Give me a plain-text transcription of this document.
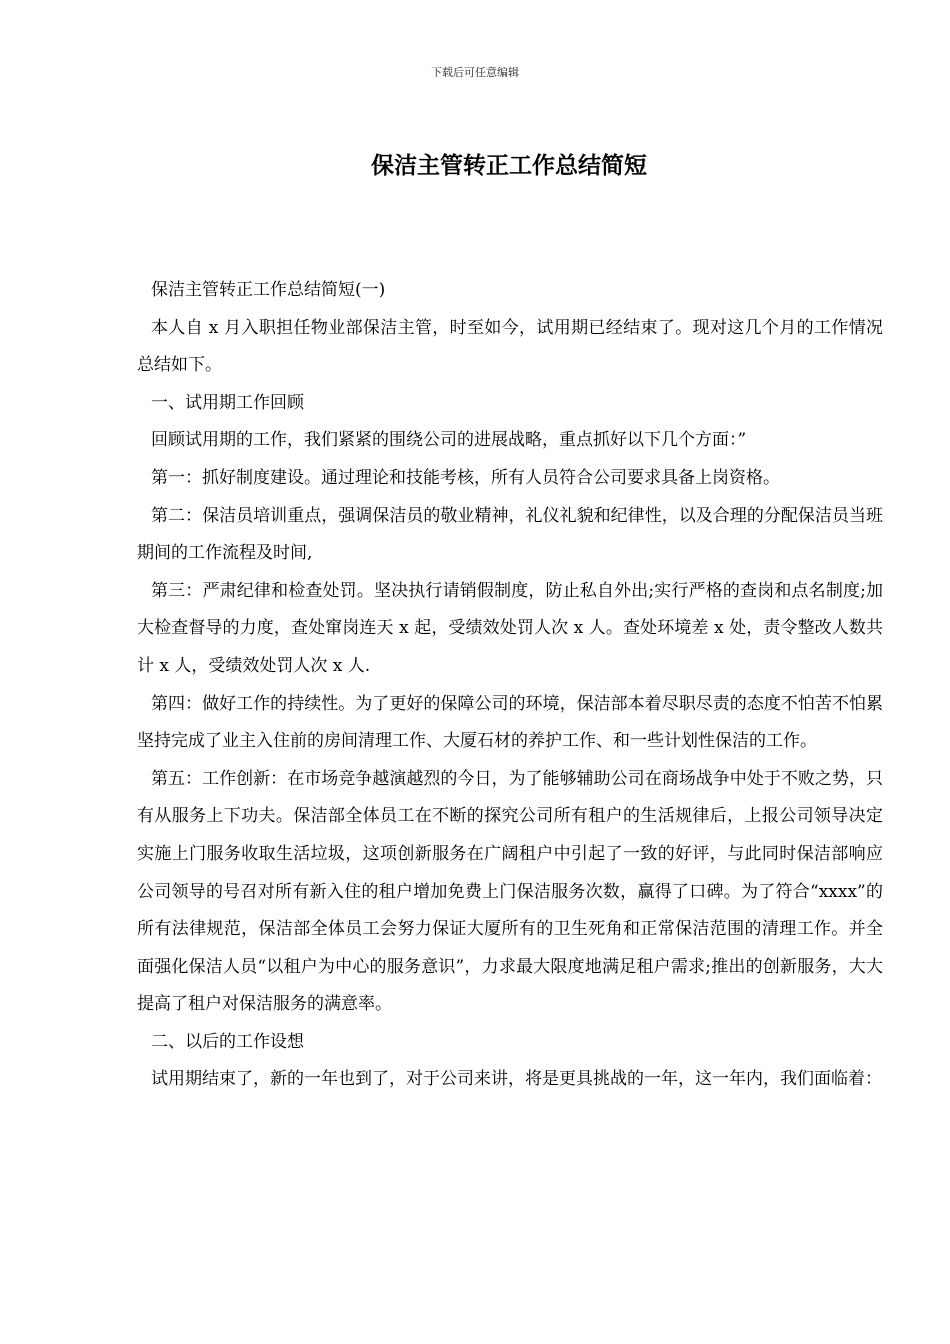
下载后可任意编辑
保洁主管转正工作总结简短

保洁主管转正工作总结简短(一)

本人自 x 月入职担任物业部保洁主管，时至如今，试用期已经结束了。现对这几个月的工作情况总结如下。

一、试用期工作回顾

回顾试用期的工作，我们紧紧的围绕公司的进展战略，重点抓好以下几个方面：”

第一：抓好制度建设。通过理论和技能考核，所有人员符合公司要求具备上岗资格。

第二：保洁员培训重点，强调保洁员的敬业精神，礼仪礼貌和纪律性，以及合理的分配保洁员当班期间的工作流程及时间,

第三：严肃纪律和检查处罚。坚决执行请销假制度，防止私自外出;实行严格的查岗和点名制度;加大检查督导的力度，查处窜岗连天 x 起，受绩效处罚人次 x 人。查处环境差 x 处，责令整改人数共计 x 人，受绩效处罚人次 x 人.

第四：做好工作的持续性。为了更好的保障公司的环境，保洁部本着尽职尽责的态度不怕苦不怕累坚持完成了业主入住前的房间清理工作、大厦石材的养护工作、和一些计划性保洁的工作。

第五：工作创新：在市场竞争越演越烈的今日，为了能够辅助公司在商场战争中处于不败之势，只有从服务上下功夫。保洁部全体员工在不断的探究公司所有租户的生活规律后，上报公司领导决定实施上门服务收取生活垃圾，这项创新服务在广阔租户中引起了一致的好评，与此同时保洁部响应公司领导的号召对所有新入住的租户增加免费上门保洁服务次数，赢得了口碑。为了符合“xxxx”的所有法律规范，保洁部全体员工会努力保证大厦所有的卫生死角和正常保洁范围的清理工作。并全面强化保洁人员“以租户为中心的服务意识”，力求最大限度地满足租户需求;推出的创新服务，大大提高了租户对保洁服务的满意率。

二、以后的工作设想

试用期结束了，新的一年也到了，对于公司来讲，将是更具挑战的一年，这一年内，我们面临着：
